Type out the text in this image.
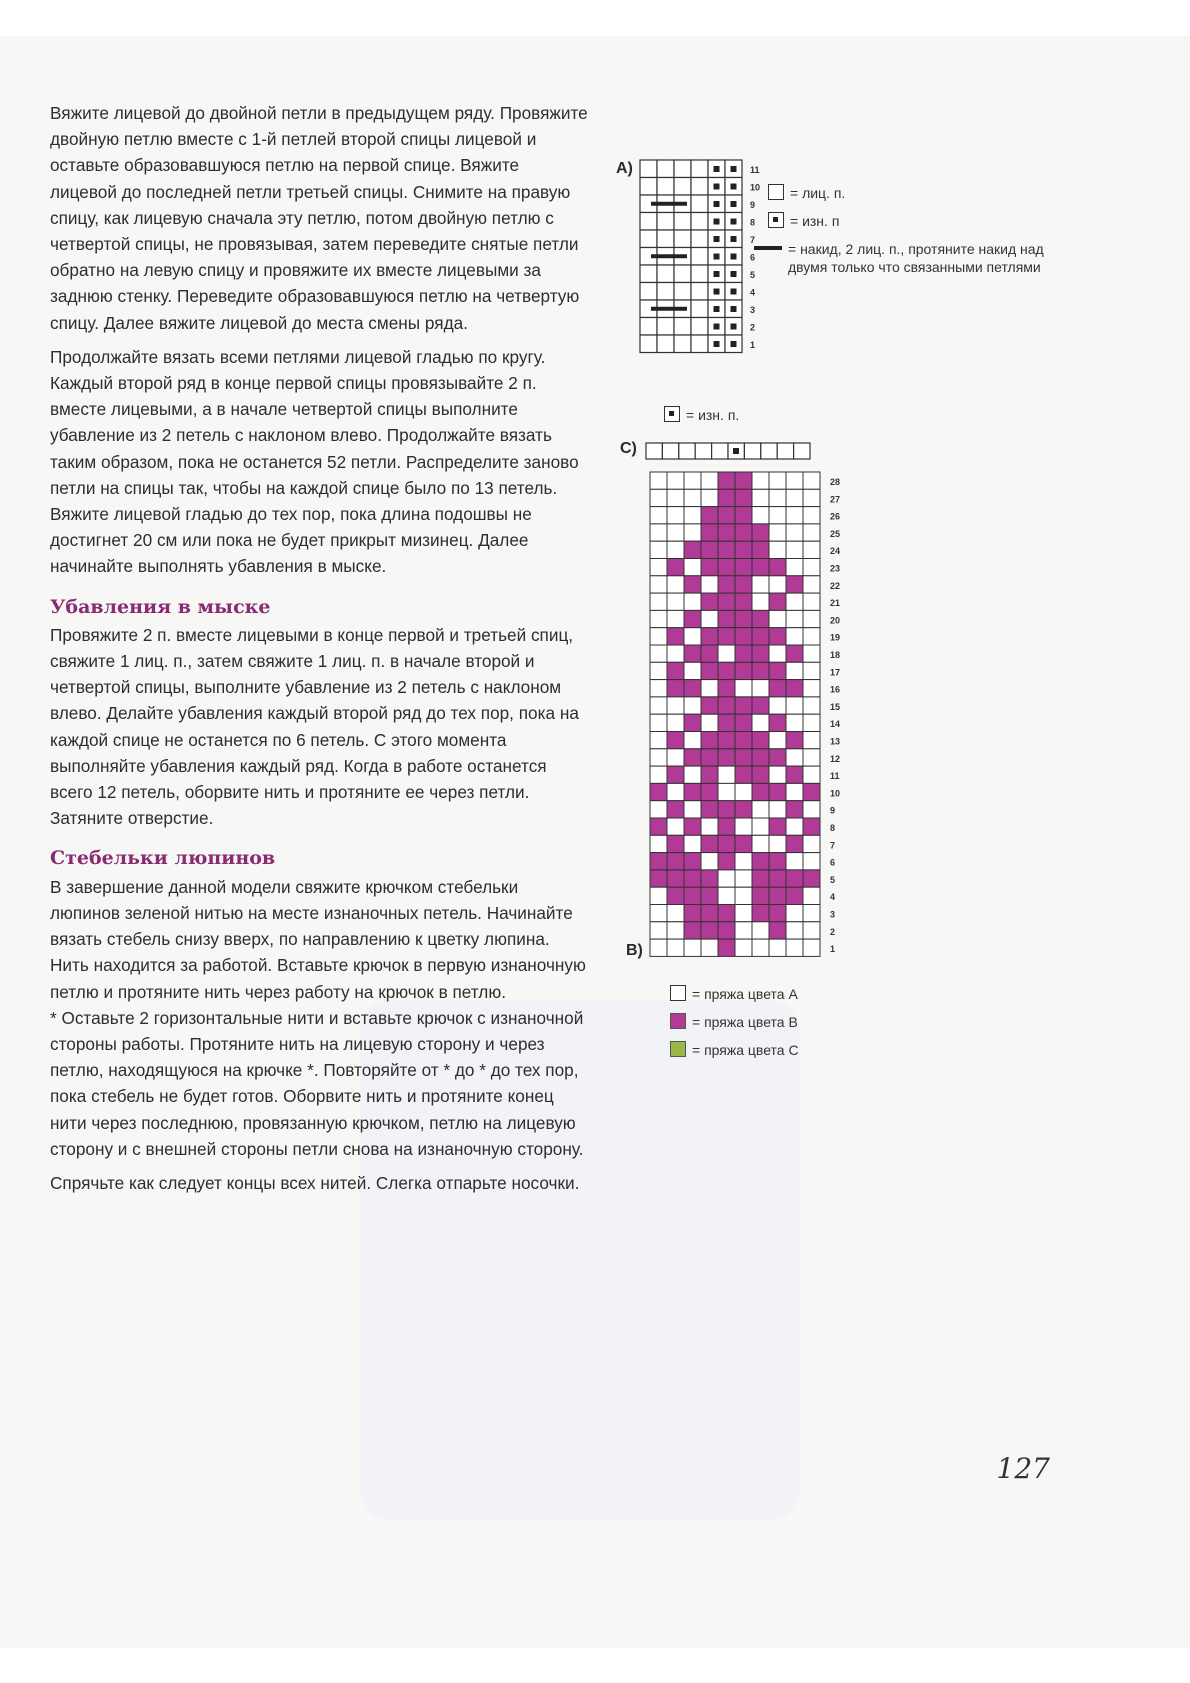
Вяжите лицевой до двойной петли в предыдущем ряду. Провяжите двойную петлю вместе с 1-й петлей второй спицы лицевой и оставьте образовавшуюся петлю на первой спице. Вяжите лицевой до последней петли третьей спицы. Снимите на правую спицу, как лицевую сначала эту петлю, потом двойную петлю с четвертой спицы, не провязывая, затем переведите снятые петли обратно на левую спицу и провяжите их вместе лицевыми за заднюю стенку. Переведите образовавшуюся петлю на четвертую спицу. Далее вяжите лицевой до места смены ряда.

Продолжайте вязать всеми петлями лицевой гладью по кругу. Каждый второй ряд в конце первой спицы провязывайте 2 п. вместе лицевыми, а в начале четвертой спицы выполните убавление из 2 петель с наклоном влево. Продолжайте вязать таким образом, пока не останется 52 петли. Распределите заново петли на спицы так, чтобы на каждой спице было по 13 петель. Вяжите лицевой гладью до тех пор, пока длина подошвы не достигнет 20 см или пока не будет прикрыт мизинец. Далее начинайте выполнять убавления в мыске.

Убавления в мыске

Провяжите 2 п. вместе лицевыми в конце первой и третьей спиц, свяжите 1 лиц. п., затем свяжите 1 лиц. п. в начале второй и четвертой спицы, выполните убавление из 2 петель с наклоном влево. Делайте убавления каждый второй ряд до тех пор, пока на каждой спице не останется по 6 петель. С этого момента выполняйте убавления каждый ряд. Когда в работе останется всего 12 петель, оборвите нить и протяните ее через петли. Затяните отверстие.

Стебельки люпинов

В завершение данной модели свяжите крючком стебельки люпинов зеленой нитью на месте изнаночных петель. Начинайте вязать стебель снизу вверх, по направлению к цветку люпина. Нить находится за работой. Вставьте крючок в первую изнаночную петлю и протяните нить через работу на крючок в петлю.

* Оставьте 2 горизонтальные нити и вставьте крючок с изнаночной стороны работы. Протяните нить на лицевую сторону и через петлю, находящуюся на крючке *. Повторяйте от * до * до тех пор, пока стебель не будет готов. Оборвите нить и протяните конец нити через последнюю, провязанную крючком, петлю на лицевую сторону и с внешней стороны петли снова на изнаночную сторону.

Спрячьте как следует концы всех нитей. Слегка отпарьте носочки.

A)	11
10
9
8
7
6
5
4
3
2
1
= лиц. п.
= изн. п
= накид, 2 лиц. п., протяните накид над двумя только что связанными петлями
= изн. п.
C)
28
27
26
25
24
23
22
21
20
19
18
17
16
15
14
13
12
11
10
9
8
7
6
5
4
3
2
1
B)
= пряжа цвета A
= пряжа цвета B
= пряжа цвета C
127
